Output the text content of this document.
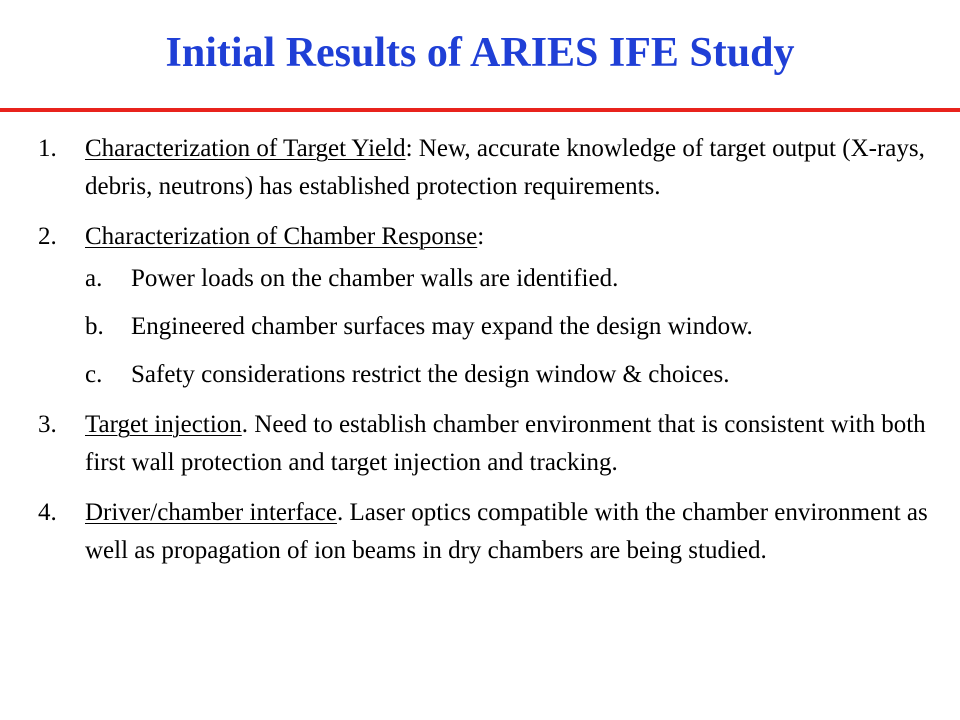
Initial Results of ARIES IFE Study
1. Characterization of Target Yield: New, accurate knowledge of target output (X-rays, debris, neutrons) has established protection requirements.
2. Characterization of Chamber Response:
a. Power loads on the chamber walls are identified.
b. Engineered chamber surfaces may expand the design window.
c. Safety considerations restrict the design window & choices.
3. Target injection. Need to establish chamber environment that is consistent with both first wall protection and target injection and tracking.
4. Driver/chamber interface. Laser optics compatible with the chamber environment as well as propagation of ion beams in dry chambers are being studied.
